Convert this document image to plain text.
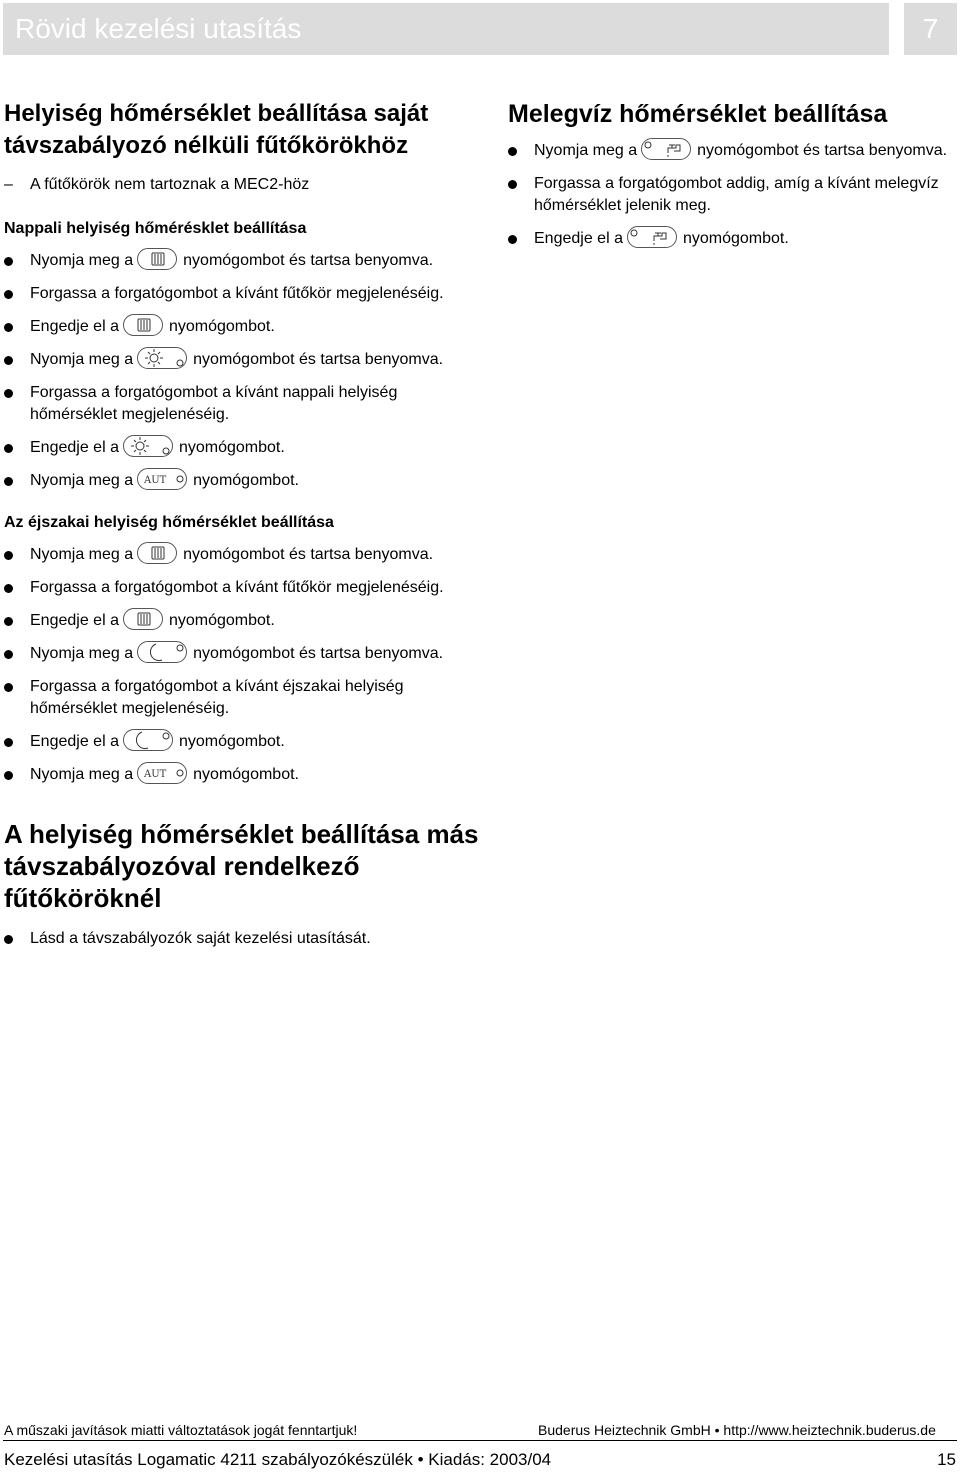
Rövid kezelési utasítás	7
Helyiség hőmérséklet beállítása saját távszabályozó nélküli fűtőkörökhöz
– A fűtőkörök nem tartoznak a MEC2-höz
Nappali helyiség hőmérésklet beállítása
Nyomja meg a	nyomógombot és tartsa benyomva.
Forgassa a forgatógombot a kívánt fűtőkör megjelenéséig.
Engedje el a	nyomógombot.
Nyomja meg a	nyomógombot és tartsa benyomva.
Forgassa a forgatógombot a kívánt nappali helyiség hőmérséklet megjelenéséig.
Engedje el a	nyomógombot.
Nyomja meg a AUT nyomógombot.
Az éjszakai helyiség hőmérséklet beállítása
Nyomja meg a	nyomógombot és tartsa benyomva.
Forgassa a forgatógombot a kívánt fűtőkör megjelenéséig.
Engedje el a	nyomógombot.
Nyomja meg a	nyomógombot és tartsa benyomva.
Forgassa a forgatógombot a kívánt éjszakai helyiség hőmérséklet megjelenéséig.
Engedje el a	nyomógombot.
Nyomja meg a AUT nyomógombot.
A helyiség hőmérséklet beállítása más távszabályozóval rendelkező fűtőköröknél
Lásd a távszabályozók saját kezelési utasítását.
Melegvíz hőmérséklet beállítása
Nyomja meg a	nyomógombot és tartsa benyomva.
Forgassa a forgatógombot addig, amíg a kívánt melegvíz hőmérséklet jelenik meg.
Engedje el a	nyomógombot.
A műszaki javítások miatti változtatások jogát fenntartjuk!	Buderus Heiztechnik GmbH • http://www.heiztechnik.buderus.de
Kezelési utasítás Logamatic 4211 szabályozókészülék • Kiadás: 2003/04	15
